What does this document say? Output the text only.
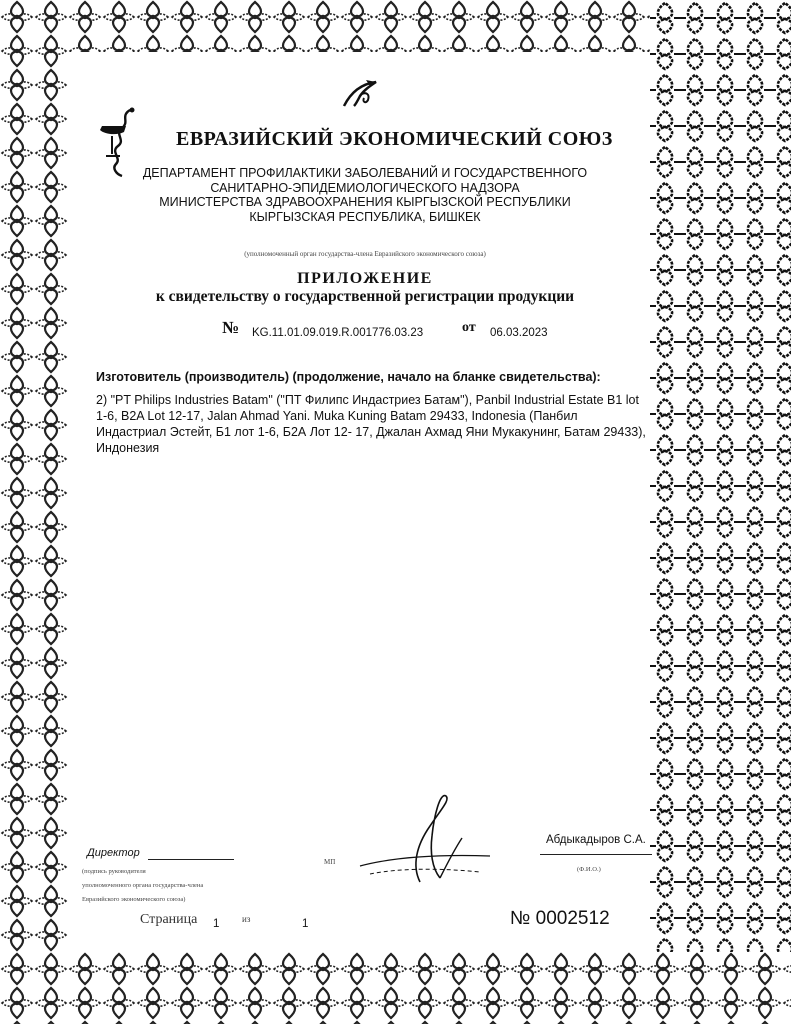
ЕВРАЗИЙСКИЙ ЭКОНОМИЧЕСКИЙ СОЮЗ
ДЕПАРТАМЕНТ ПРОФИЛАКТИКИ ЗАБОЛЕВАНИЙ И ГОСУДАРСТВЕННОГО
САНИТАРНО-ЭПИДЕМИОЛОГИЧЕСКОГО НАДЗОРА
МИНИСТЕРСТВА ЗДРАВООХРАНЕНИЯ КЫРГЫЗСКОЙ РЕСПУБЛИКИ
КЫРГЫЗСКАЯ РЕСПУБЛИКА, БИШКЕК
(уполномоченный орган государства-члена Евразийского экономического союза)
ПРИЛОЖЕНИЕ
к свидетельству о государственной регистрации продукции
№ KG.11.01.09.019.R.001776.03.23	от 06.03.2023
Изготовитель (производитель) (продолжение, начало на бланке свидетельства):
2) "PT Philips Industries Batam" ("ПТ Филипс Индастриез Батам"), Panbil Industrial Estate B1 lot 1-6, B2A Lot 12-17, Jalan Ahmad Yani. Muka Kuning Batam 29433, Indonesia (Панбил Индастриал Эстейт, Б1 лот 1-6, Б2А Лот 12- 17, Джалан Ахмад Яни Мукакунинг, Батам 29433), Индонезия
Директор
(подпись руководителя
уполномоченного органа государства-члена
Евразийского экономического союза)
МП
Абдыкадыров С.А.
(Ф.И.О.)
Страница 1	из	1	№ 0002512
